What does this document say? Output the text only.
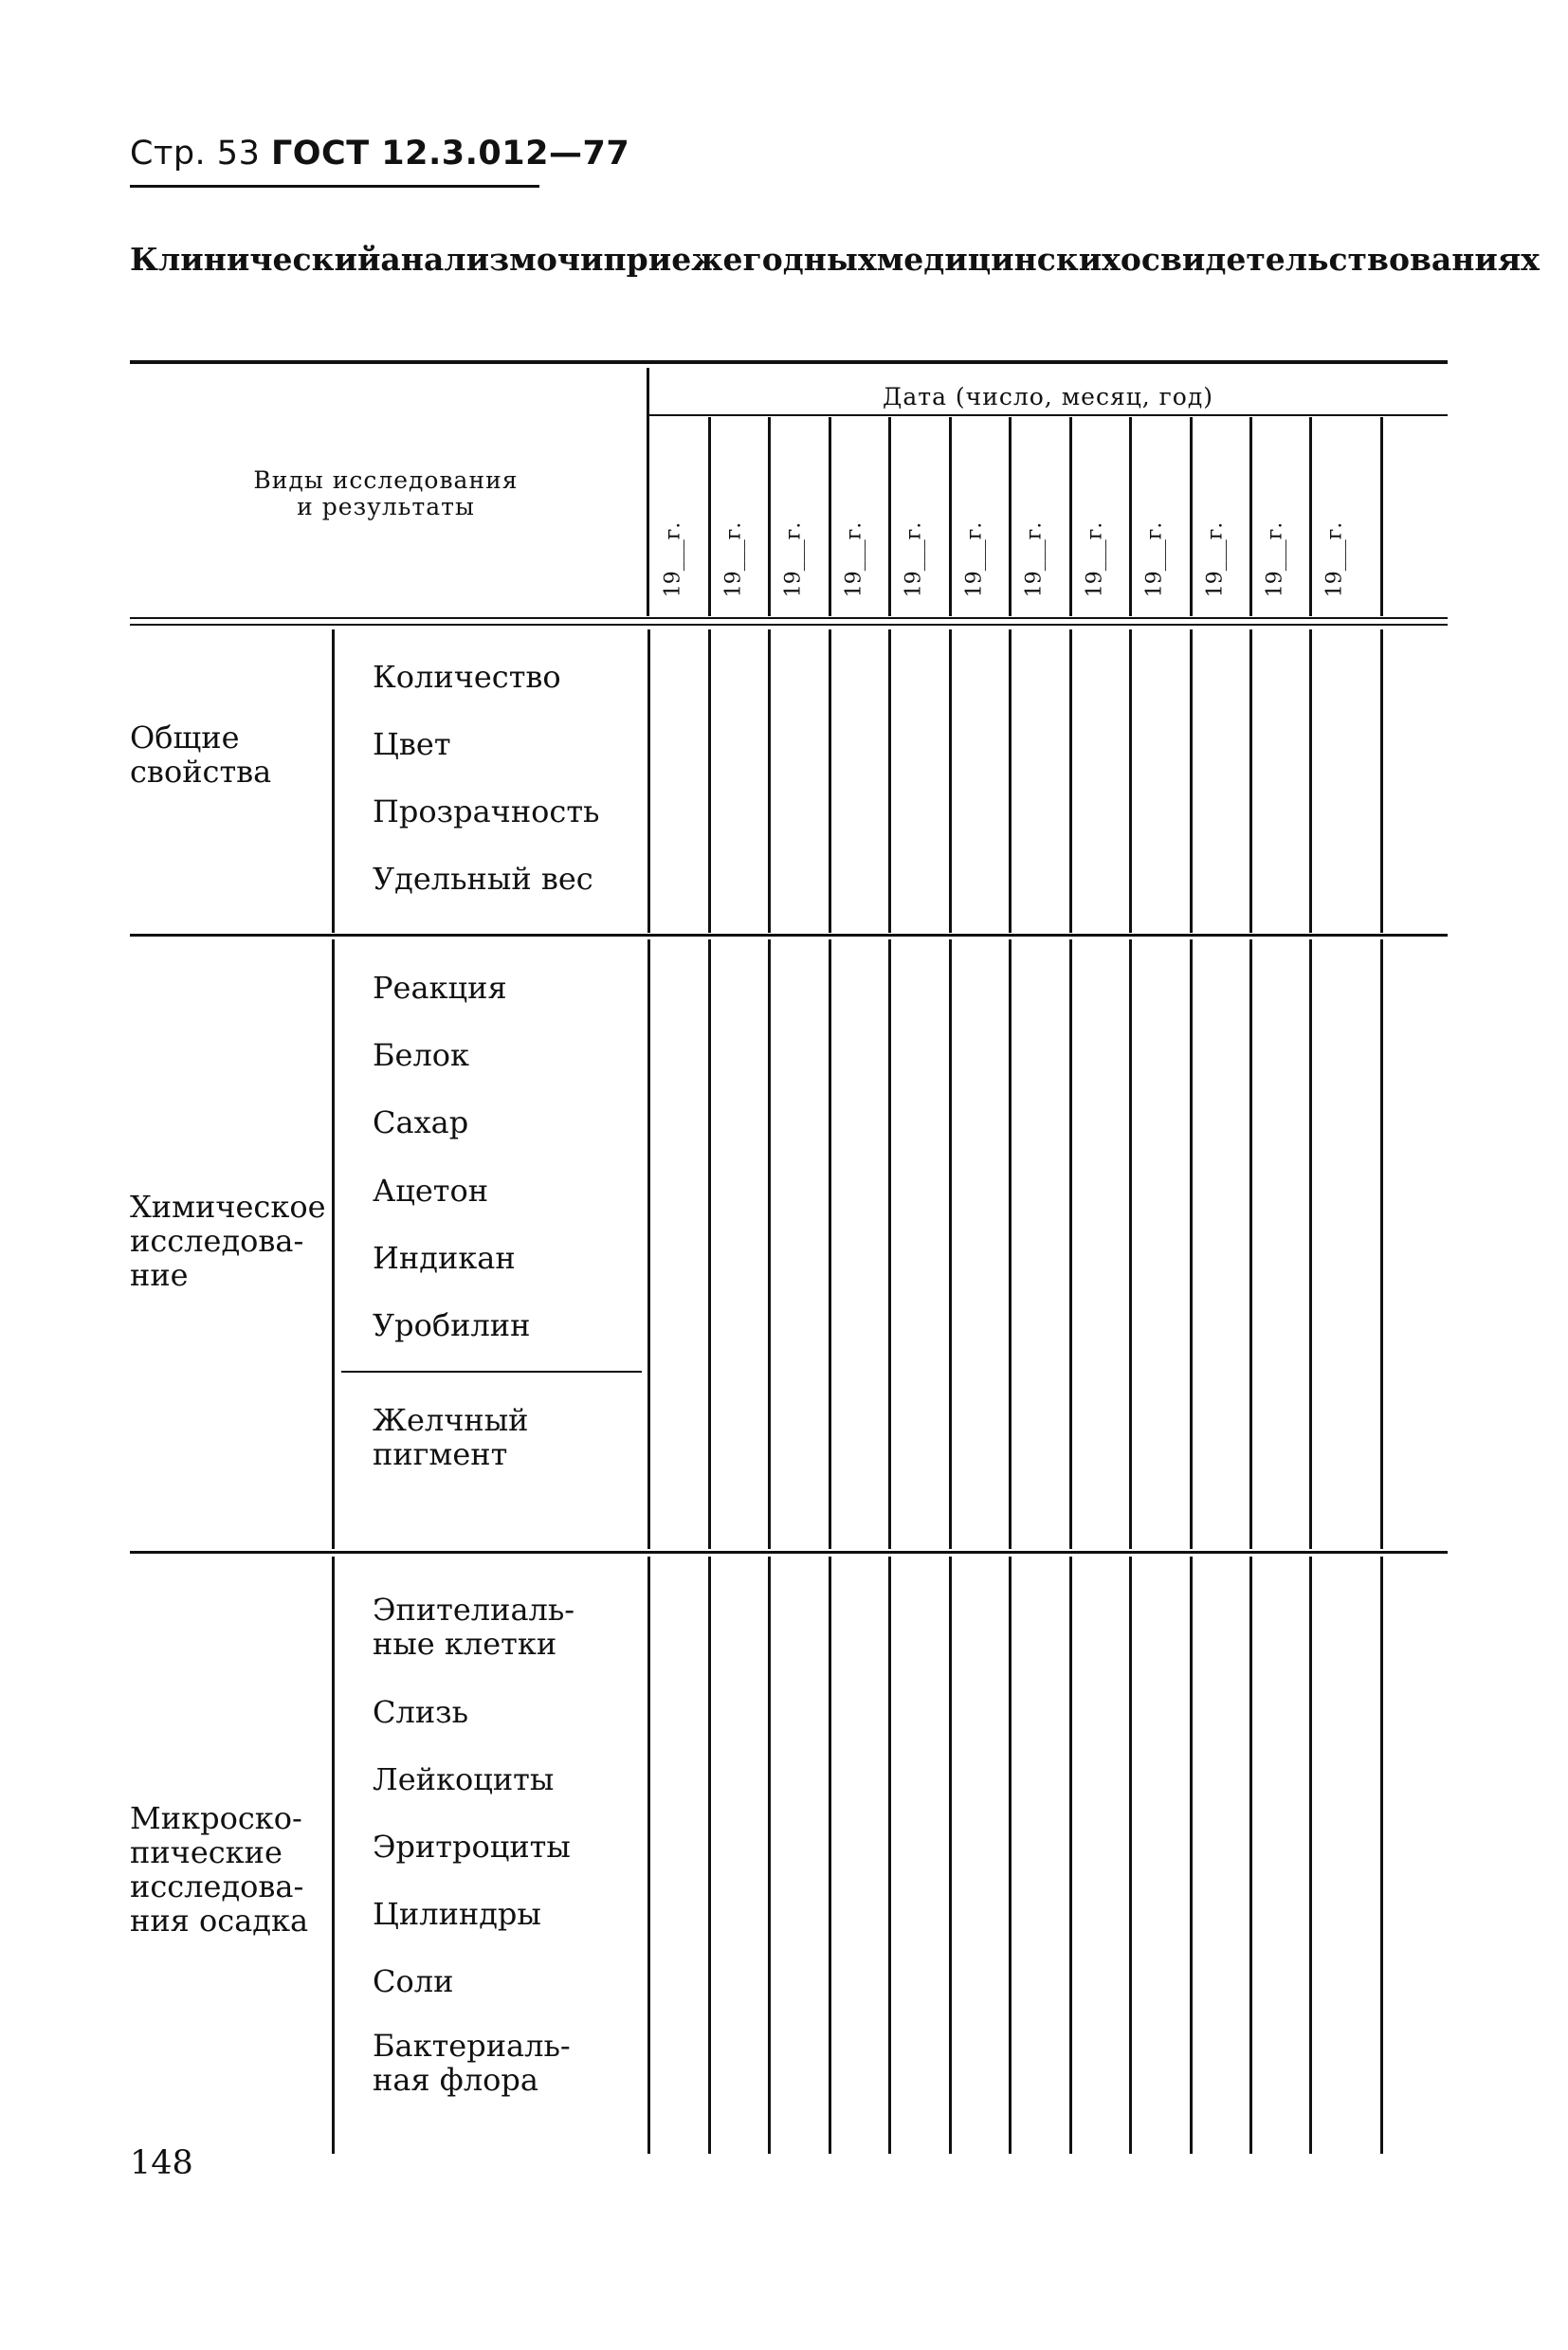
Стр. 53 ГОСТ 12.3.012—77
Клинический анализ мочи при ежегодных медицинских освидетельствованиях
Виды исследования
и результаты
Дата (число, месяц, год)
19___г. 19___г. 19___г. 19___г. 19___г. 19___г. 19___г. 19___г. 19___г. 19___г. 19___г. 19___г.
Общие
свойства
Количество
Цвет
Прозрачность
Удельный вес
Химическое
исследова-
ние
Реакция
Белок
Сахар
Ацетон
Индикан
Уробилин
Желчный
пигмент
Микроско-
пические
исследова-
ния осадка
Эпителиаль-
ные клетки
Слизь
Лейкоциты
Эритроциты
Цилиндры
Соли
Бактериаль-
ная флора
148
